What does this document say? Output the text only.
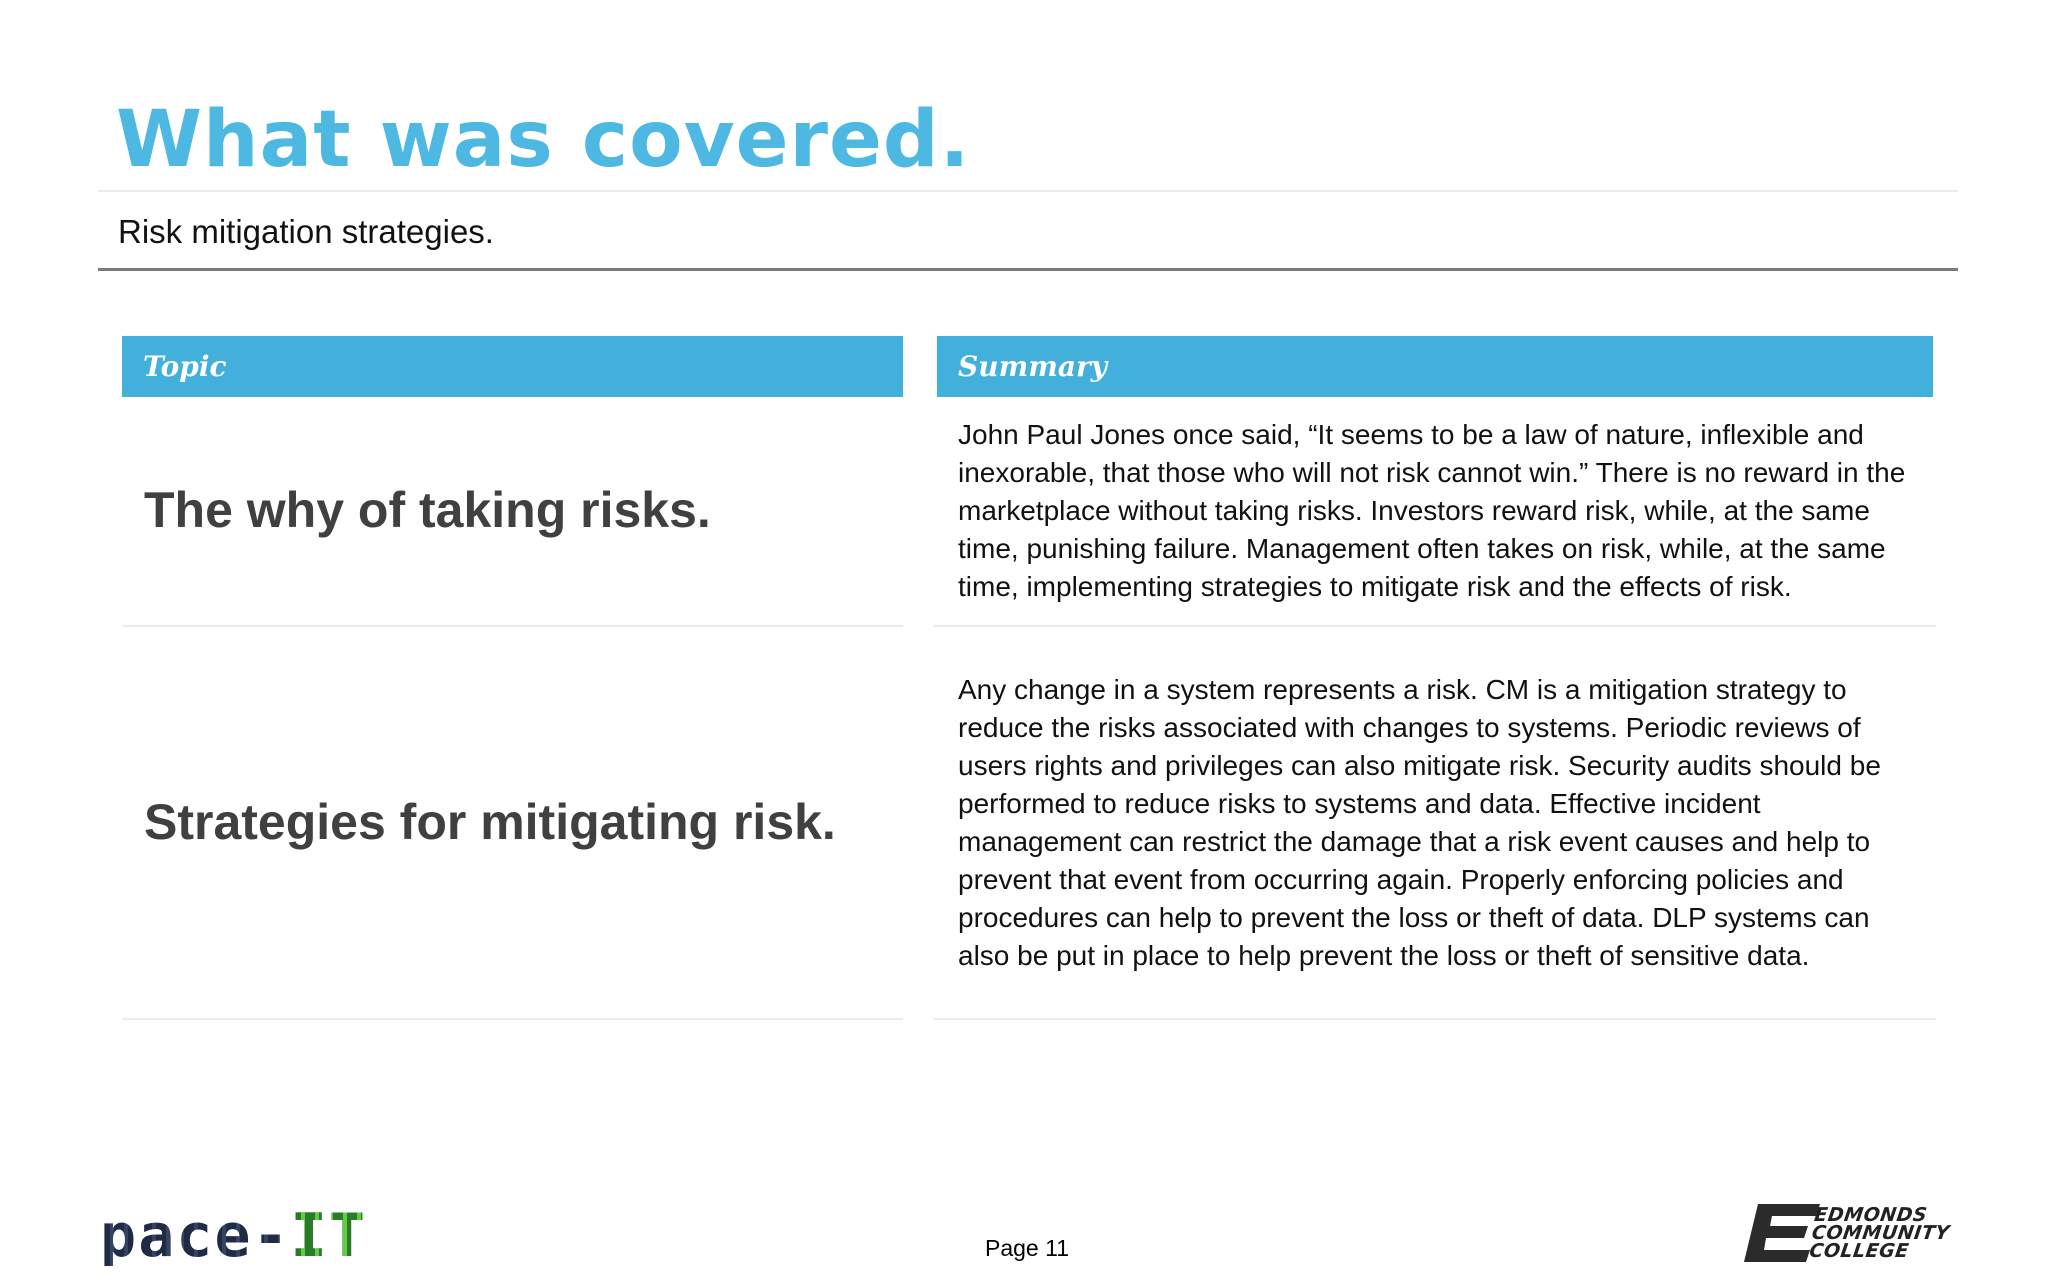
What was covered.
Risk mitigation strategies.
Topic	Summary
The why of taking risks.
John Paul Jones once said, “It seems to be a law of nature, inflexible and inexorable, that those who will not risk cannot win.” There is no reward in the marketplace without taking risks. Investors reward risk, while, at the same time, punishing failure. Management often takes on risk, while, at the same time, implementing strategies to mitigate risk and the effects of risk.
Strategies for mitigating risk.
Any change in a system represents a risk. CM is a mitigation strategy to reduce the risks associated with changes to systems. Periodic reviews of users rights and privileges can also mitigate risk. Security audits should be performed to reduce risks to systems and data. Effective incident management can restrict the damage that a risk event causes and help to prevent that event from occurring again. Properly enforcing policies and procedures can help to prevent the loss or theft of data. DLP systems can also be put in place to help prevent the loss or theft of sensitive data.
pace-IT	Page 11
EDMONDS
COMMUNITY
COLLEGE
